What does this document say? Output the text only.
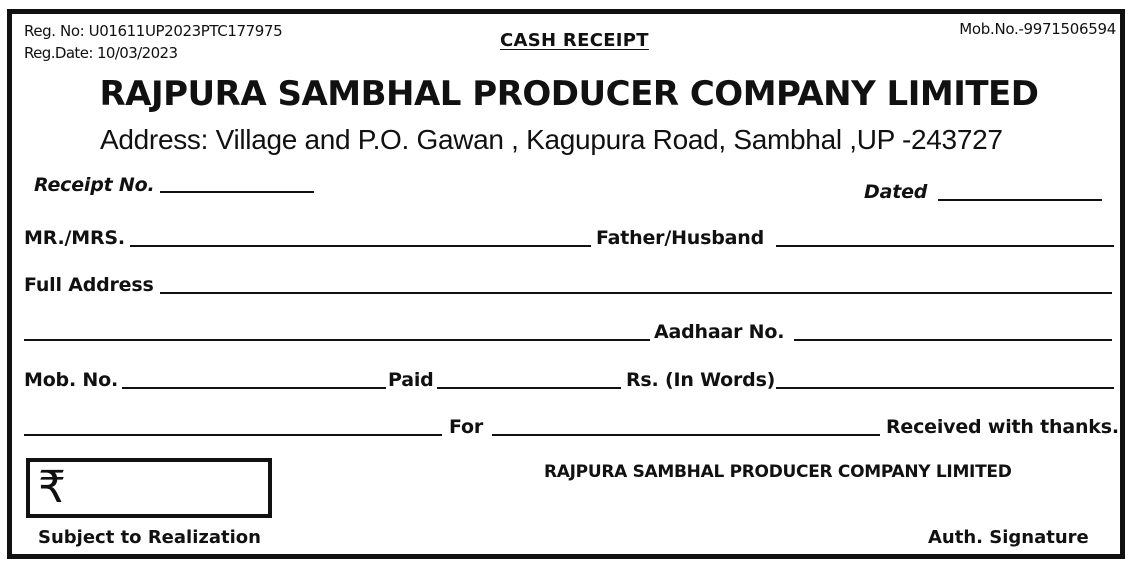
Reg. No: U01611UP2023PTC177975
Reg.Date: 10/03/2023
Mob.No.-9971506594
CASH RECEIPT
RAJPURA SAMBHAL PRODUCER COMPANY LIMITED
Address: Village and P.O. Gawan , Kagupura Road, Sambhal ,UP -243727
Receipt No.	Dated
MR./MRS.	Father/Husband
Full Address
Aadhaar No.
Mob. No.	Paid	Rs. (In Words)
For	Received with thanks.
₹	RAJPURA SAMBHAL PRODUCER COMPANY LIMITED
Subject to Realization	Auth. Signature
